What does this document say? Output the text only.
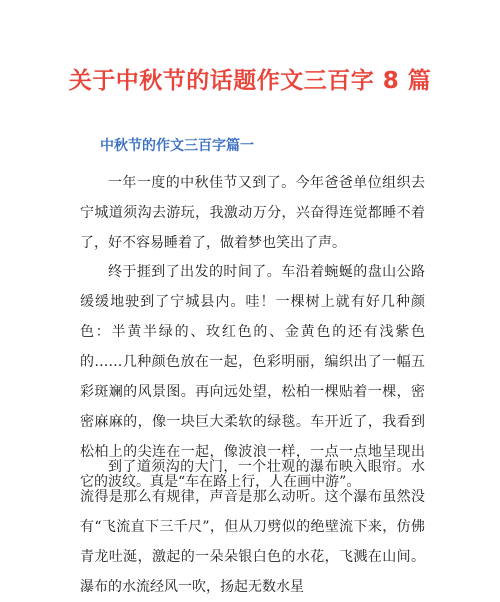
关于中秋节的话题作文三百字 8 篇
中秋节的作文三百字篇一

一年一度的中秋佳节又到了。今年爸爸单位组织去宁城道须沟去游玩，我激动万分，兴奋得连觉都睡不着了，好不容易睡着了，做着梦也笑出了声。

终于捱到了出发的时间了。车沿着蜿蜒的盘山公路缓缓地驶到了宁城县内。哇！一棵树上就有好几种颜色：半黄半绿的、玫红色的、金黄色的还有浅紫色的……几种颜色放在一起，色彩明丽，编织出了一幅五彩斑斓的风景图。再向远处望，松柏一棵贴着一棵，密密麻麻的，像一块巨大柔软的绿毯。车开近了，我看到松柏上的尖连在一起，像波浪一样，一点一点地呈现出它的波纹。真是“车在路上行，人在画中游”。

到了道须沟的大门，一个壮观的瀑布映入眼帘。水流得是那么有规律，声音是那么动听。这个瀑布虽然没有“飞流直下三千尺”，但从刀劈似的绝壁流下来，仿佛青龙吐涎，激起的一朵朵银白色的水花，飞溅在山间。瀑布的水流经风一吹，扬起无数水星
